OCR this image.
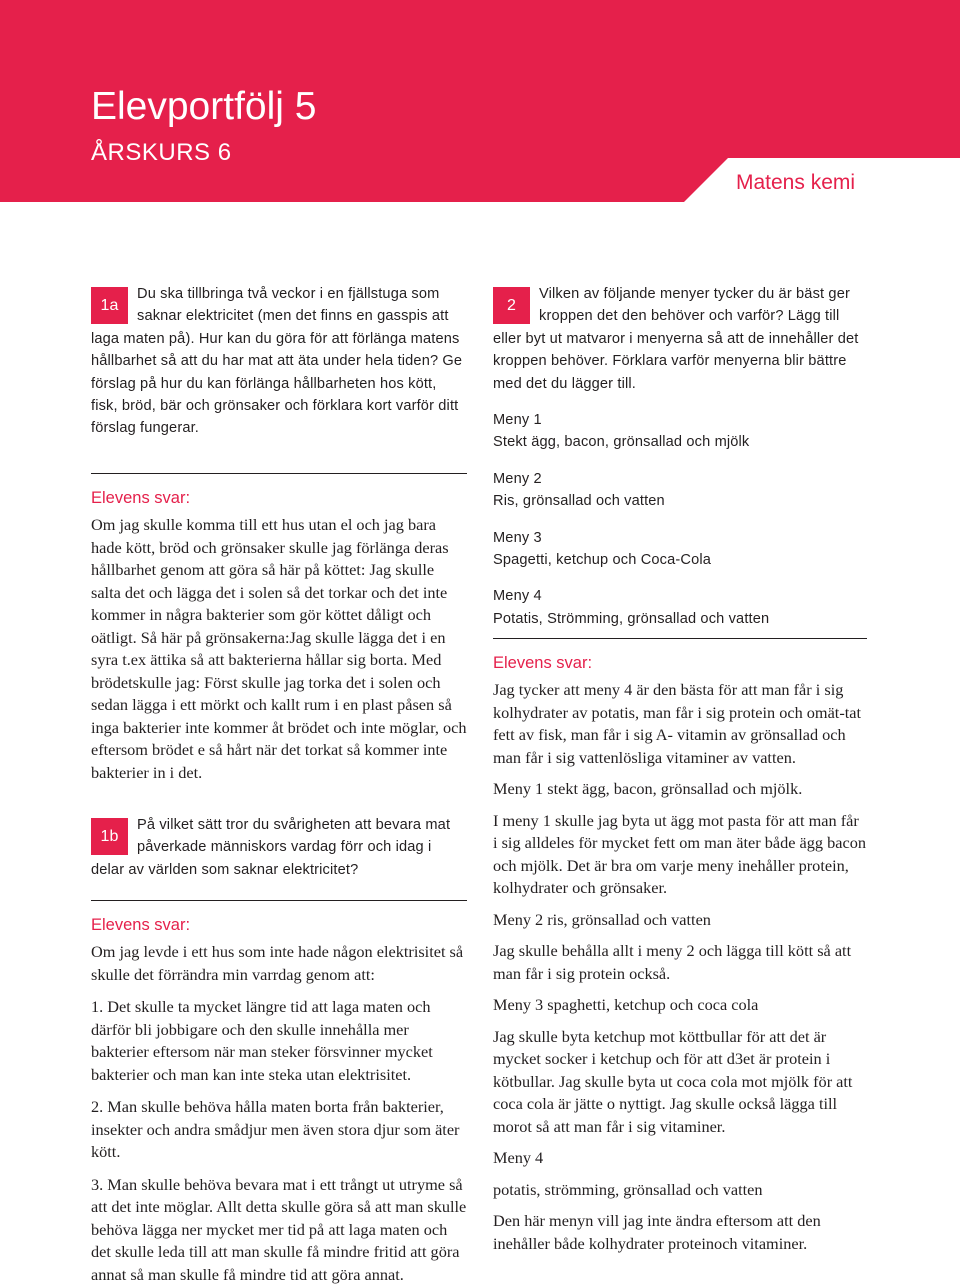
Elevportfölj 5
ÅRSKURS 6
Matens kemi
1a
Du ska tillbringa två veckor i en fjällstuga som saknar elektricitet (men det finns en gasspis att laga maten på). Hur kan du göra för att förlänga matens hållbarhet så att du har mat att äta under hela tiden? Ge förslag på hur du kan förlänga hållbarheten hos kött, fisk, bröd, bär och grönsaker och förklara kort varför ditt förslag fungerar.
Elevens svar:

Om jag skulle komma till ett hus utan el och jag bara hade kött, bröd och grönsaker skulle jag förlänga deras hållbarhet genom att göra så här på köttet: Jag skulle salta det och lägga det i solen så det torkar och det inte kommer in några bakterier som gör köttet dåligt och oätligt. Så här på grönsakerna:Jag skulle lägga det i en syra t.ex ättika så att bakterierna hållar sig borta. Med brödetskulle jag: Först skulle jag torka det i solen och sedan lägga i ett mörkt och kallt rum i en plast påsen så inga bakterier inte kommer åt brödet och inte möglar, och eftersom brödet e så hårt när det torkat så kommer inte bakterier in i det.

1b
På vilket sätt tror du svårigheten att bevara mat påverkade människors vardag förr och idag i delar av världen som saknar elektricitet?
Elevens svar:

Om jag levde i ett hus som inte hade någon elektrisitet så skulle det förrändra min varrdag genom att:

1. Det skulle ta mycket längre tid att laga maten och därför bli jobbigare och den skulle innehålla mer bakterier eftersom när man steker försvinner mycket bakterier och man kan inte steka utan elektrisitet.

2. Man skulle behöva hålla maten borta från bakterier, insekter och andra smådjur men även stora djur som äter kött.

3. Man skulle behöva bevara mat i ett trångt ut utryme så att det inte möglar. Allt detta skulle göra så att man skulle behöva lägga ner mycket mer tid på att laga maten och det skulle leda till att man skulle få mindre fritid att göra annat så man skulle få mindre tid att göra annat.

2
Vilken av följande menyer tycker du är bäst ger kroppen det den behöver och varför? Lägg till eller byt ut matvaror i menyerna så att de innehåller det kroppen behöver. Förklara varför menyerna blir bättre med det du lägger till.
Meny 1
Stekt ägg, bacon, grönsallad och mjölk
Meny 2
Ris, grönsallad och vatten
Meny 3
Spagetti, ketchup och Coca-Cola
Meny 4
Potatis, Strömming, grönsallad och vatten
Elevens svar:

Jag tycker att meny 4 är den bästa för att man får i sig kolhydrater av potatis, man får i sig protein och omät-tat fett av fisk, man får i sig A- vitamin av grönsallad och man får i sig vattenlösliga vitaminer av vatten.

Meny 1 stekt ägg, bacon, grönsallad och mjölk.

I meny 1 skulle jag byta ut ägg mot pasta för att man får i sig alldeles för mycket fett om man äter både ägg bacon och mjölk. Det är bra om varje meny inehåller protein, kolhydrater och grönsaker.

Meny 2 ris, grönsallad och vatten

Jag skulle behålla allt i meny 2 och lägga till kött så att man får i sig protein också.

Meny 3 spaghetti, ketchup och coca cola

Jag skulle byta ketchup mot köttbullar för att det är mycket socker i ketchup och för att d3et är protein i kötbullar. Jag skulle byta ut coca cola mot mjölk för att coca cola är jätte o nyttigt. Jag skulle också lägga till morot så att man får i sig vitaminer.

Meny 4

potatis, strömming, grönsallad och vatten

Den här menyn vill jag inte ändra eftersom att den inehåller både kolhydrater proteinoch vitaminer.
